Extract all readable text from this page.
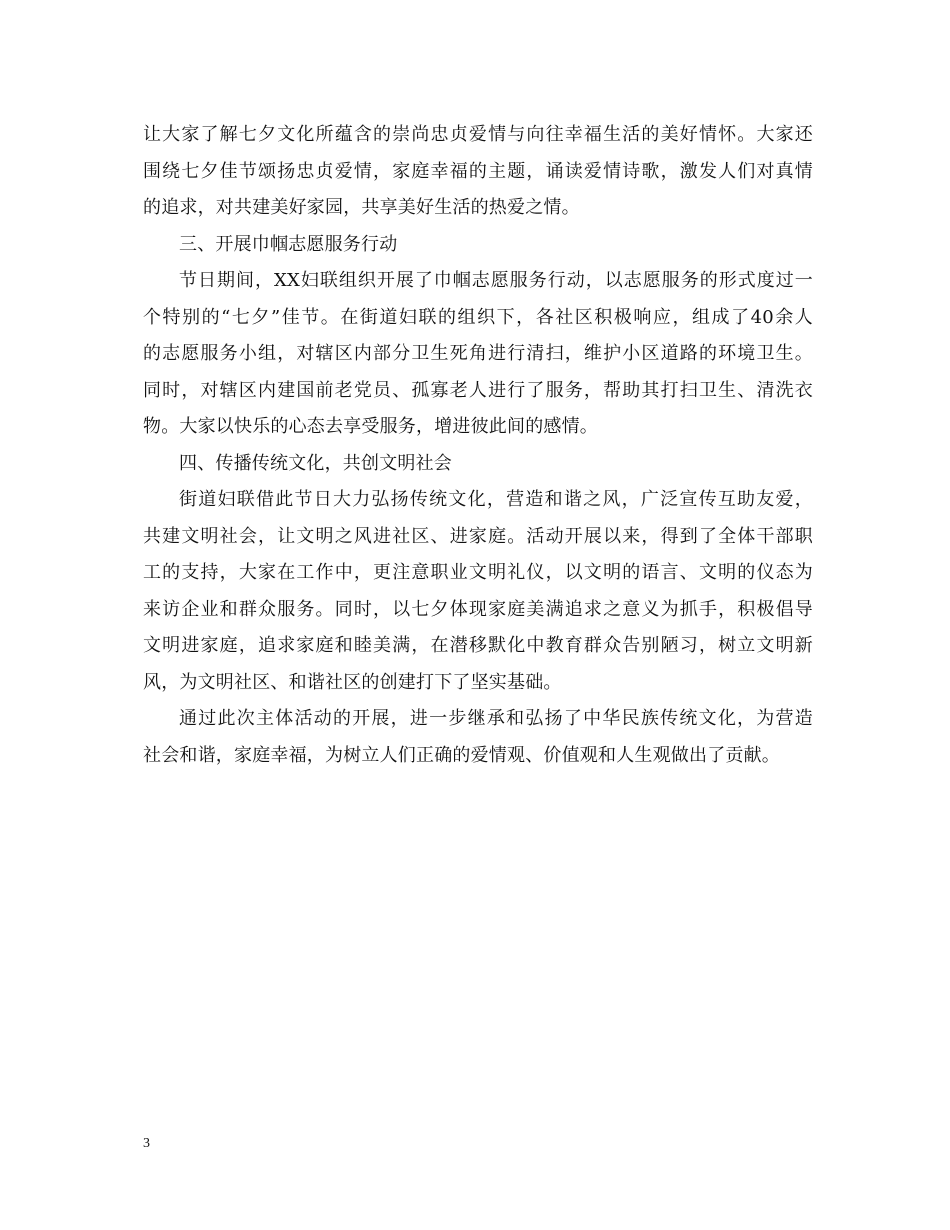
让大家了解七夕文化所蕴含的崇尚忠贞爱情与向往幸福生活的美好情怀。大家还
围绕七夕佳节颂扬忠贞爱情，家庭幸福的主题，诵读爱情诗歌，激发人们对真情
的追求，对共建美好家园，共享美好生活的热爱之情。
三、开展巾帼志愿服务行动
节日期间，XX妇联组织开展了巾帼志愿服务行动，以志愿服务的形式度过一
个特别的“七夕”佳节。在街道妇联的组织下，各社区积极响应，组成了40余人
的志愿服务小组，对辖区内部分卫生死角进行清扫，维护小区道路的环境卫生。
同时，对辖区内建国前老党员、孤寡老人进行了服务，帮助其打扫卫生、清洗衣
物。大家以快乐的心态去享受服务，增进彼此间的感情。
四、传播传统文化，共创文明社会
街道妇联借此节日大力弘扬传统文化，营造和谐之风，广泛宣传互助友爱，
共建文明社会，让文明之风进社区、进家庭。活动开展以来，得到了全体干部职
工的支持，大家在工作中，更注意职业文明礼仪，以文明的语言、文明的仪态为
来访企业和群众服务。同时，以七夕体现家庭美满追求之意义为抓手，积极倡导
文明进家庭，追求家庭和睦美满，在潜移默化中教育群众告别陋习，树立文明新
风，为文明社区、和谐社区的创建打下了坚实基础。
通过此次主体活动的开展，进一步继承和弘扬了中华民族传统文化，为营造
社会和谐，家庭幸福，为树立人们正确的爱情观、价值观和人生观做出了贡献。
3
